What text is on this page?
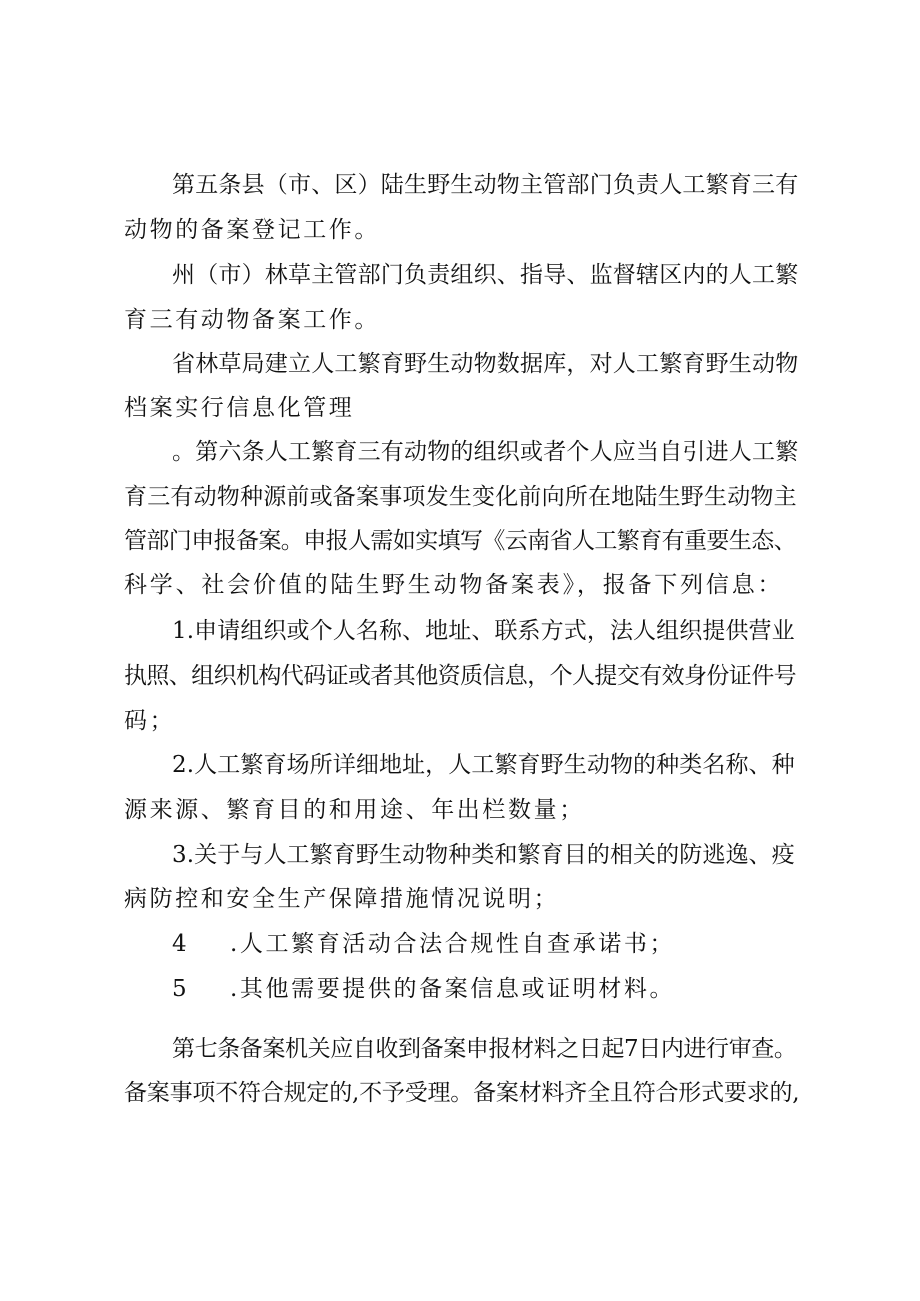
第五条县（市、区）陆生野生动物主管部门负责人工繁育三有
动物的备案登记工作。
州（市）林草主管部门负责组织、指导、监督辖区内的人工繁
育三有动物备案工作。
省林草局建立人工繁育野生动物数据库，对人工繁育野生动物
档案实行信息化管理
。第六条人工繁育三有动物的组织或者个人应当自引进人工繁
育三有动物种源前或备案事项发生变化前向所在地陆生野生动物主
管部门申报备案。申报人需如实填写《云南省人工繁育有重要生态、
科学、社会价值的陆生野生动物备案表》，报备下列信息：
1.申请组织或个人名称、地址、联系方式，法人组织提供营业
执照、组织机构代码证或者其他资质信息，个人提交有效身份证件号
码；
2.人工繁育场所详细地址，人工繁育野生动物的种类名称、种
源来源、繁育目的和用途、年出栏数量；
3.关于与人工繁育野生动物种类和繁育目的相关的防逃逸、疫
病防控和安全生产保障措施情况说明；
4 .人工繁育活动合法合规性自查承诺书；
5 .其他需要提供的备案信息或证明材料。
第七条备案机关应自收到备案申报材料之日起7日内进行审查。
备案事项不符合规定的,不予受理。备案材料齐全且符合形式要求的,
